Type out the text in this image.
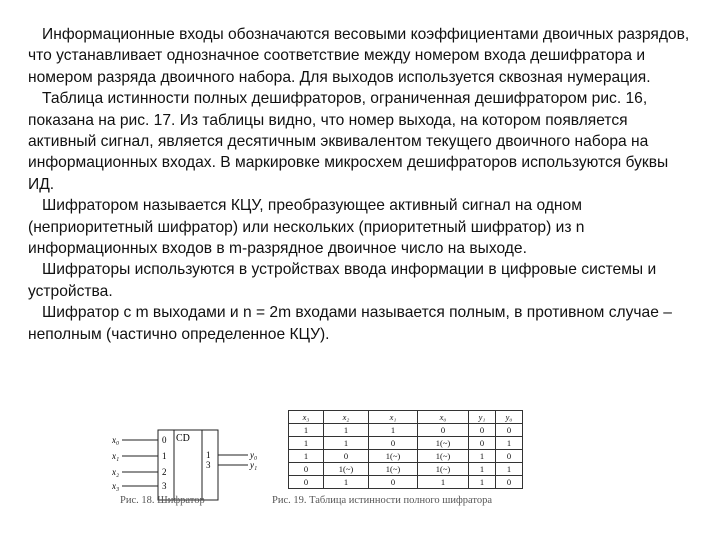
Информационные входы обозначаются весовыми коэффициентами двоичных разрядов, что устанавливает однозначное соответствие между номером входа дешифратора и номером разряда двоичного набора. Для выходов используется сквозная нумерация.

Таблица истинности полных дешифраторов, ограниченная дешифратором рис. 16, показана на рис. 17. Из таблицы видно, что номер выхода, на котором появляется активный сигнал, является десятичным эквивалентом текущего двоичного набора на информационных входах. В маркировке микросхем дешифраторов используются буквы ИД.

Шифратором называется КЦУ, преобразующее активный сигнал на одном (неприоритетный шифратор) или нескольких (приоритетный шифратор) из n информационных входов в m-разрядное двоичное число на выходе.

Шифраторы используются в устройствах ввода информации в цифровые системы и устройства.

Шифратор с m выходами и n = 2m входами называется полным, в противном случае – неполным (частично определенное КЦУ).

CD
x₀
x₁
x₂
x₃
0
1
2
3
1
3
y₀
y₁
x₃	x₂	x₁	x₀	y₁	y₀
1	1	1	0	0	0
1	1	0	1(~)	0	1
1	0	1(~)	1(~)	1	0
0	1(~)	1(~)	1(~)	1	1
0	1	0	1	1	0
Рис. 18. Шифратор	Рис. 19. Таблица истинности полного шифратора
